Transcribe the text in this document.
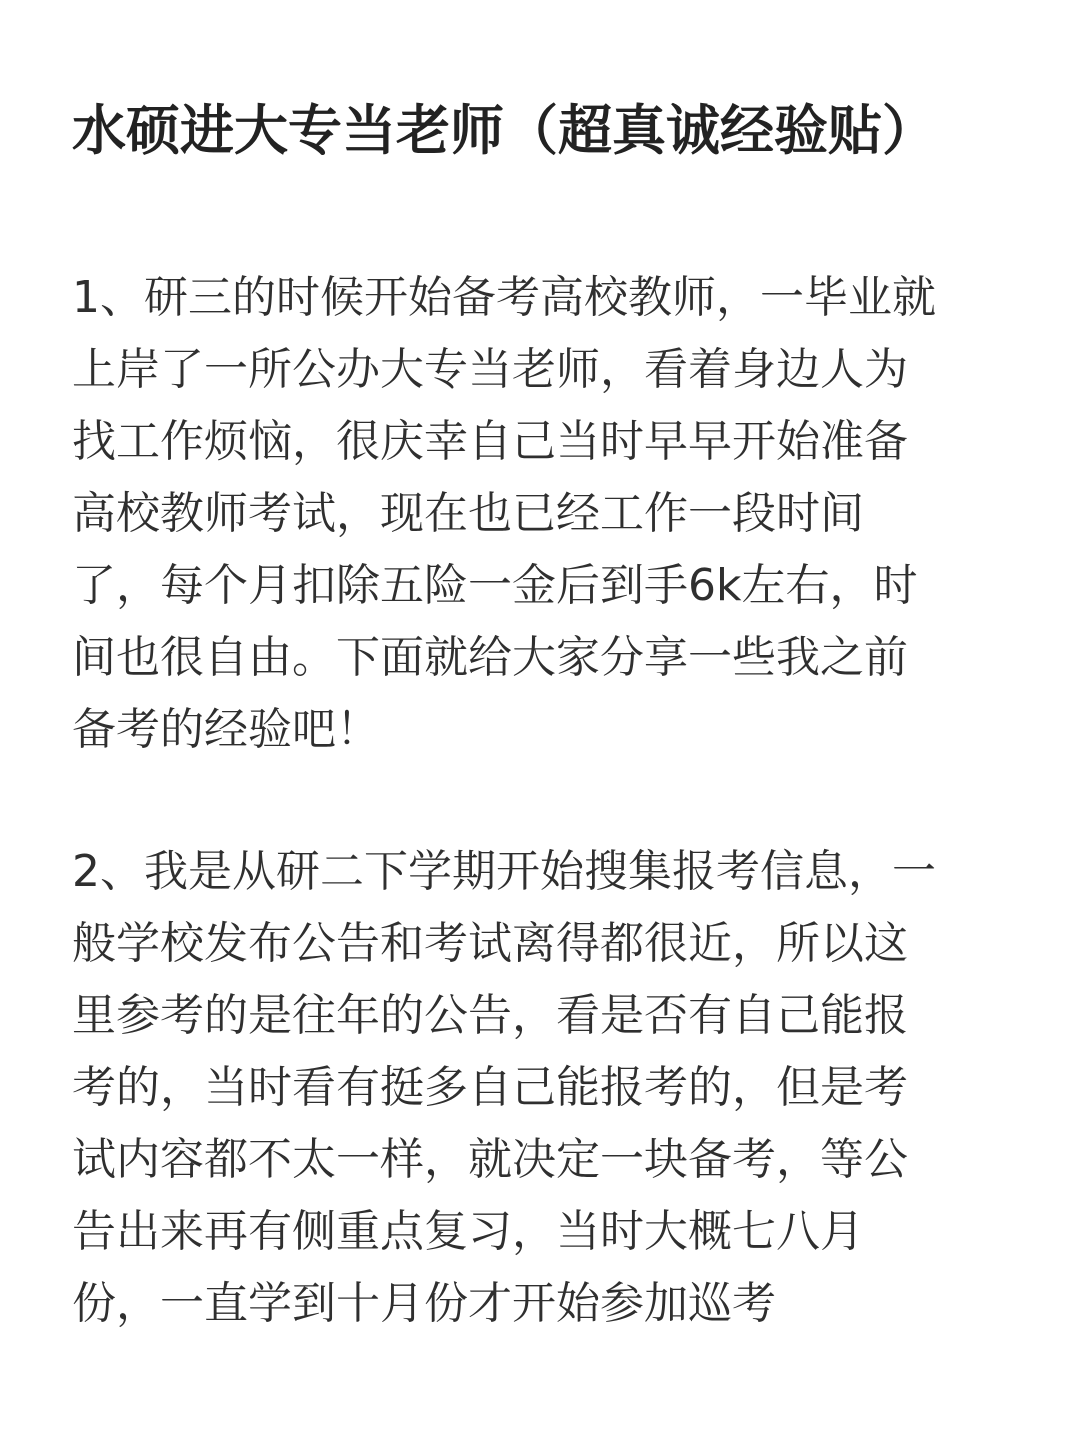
水硕进大专当老师（超真诚经验贴）

1、研三的时候开始备考高校教师，一毕业就
上岸了一所公办大专当老师，看着身边人为
找工作烦恼，很庆幸自己当时早早开始准备
高校教师考试，现在也已经工作一段时间
了，每个月扣除五险一金后到手6k左右，时
间也很自由。下面就给大家分享一些我之前
备考的经验吧！

2、我是从研二下学期开始搜集报考信息，一
般学校发布公告和考试离得都很近，所以这
里参考的是往年的公告，看是否有自己能报
考的，当时看有挺多自己能报考的，但是考
试内容都不太一样，就决定一块备考，等公
告出来再有侧重点复习，当时大概七八月
份，一直学到十月份才开始参加巡考
